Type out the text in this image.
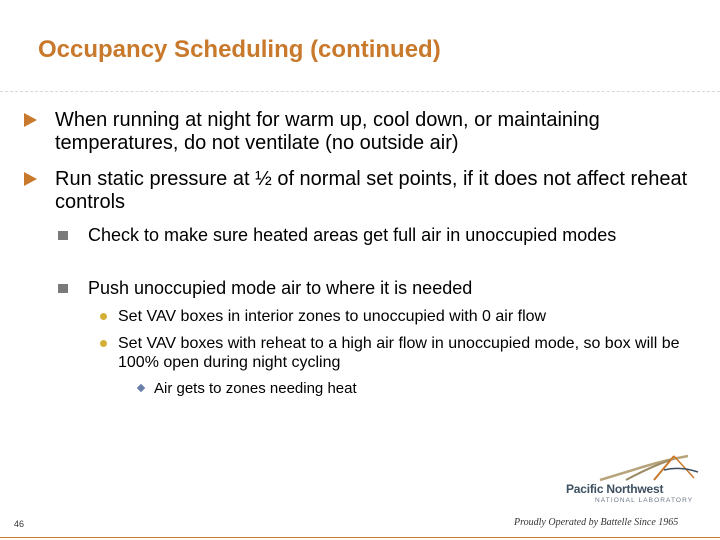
Occupancy Scheduling (continued)
When running at night for warm up, cool down, or maintaining temperatures, do not ventilate (no outside air)
Run static pressure at ½ of normal set points, if it does not affect reheat controls
Check to make sure heated areas get full air in unoccupied modes
Push unoccupied mode air to where it is needed
Set VAV boxes in interior zones to unoccupied with 0 air flow
Set VAV boxes with reheat to a high air flow in unoccupied mode, so box will be 100% open during night cycling
Air gets to zones needing heat
Pacific Northwest
NATIONAL LABORATORY
Proudly Operated by Battelle Since 1965
46
